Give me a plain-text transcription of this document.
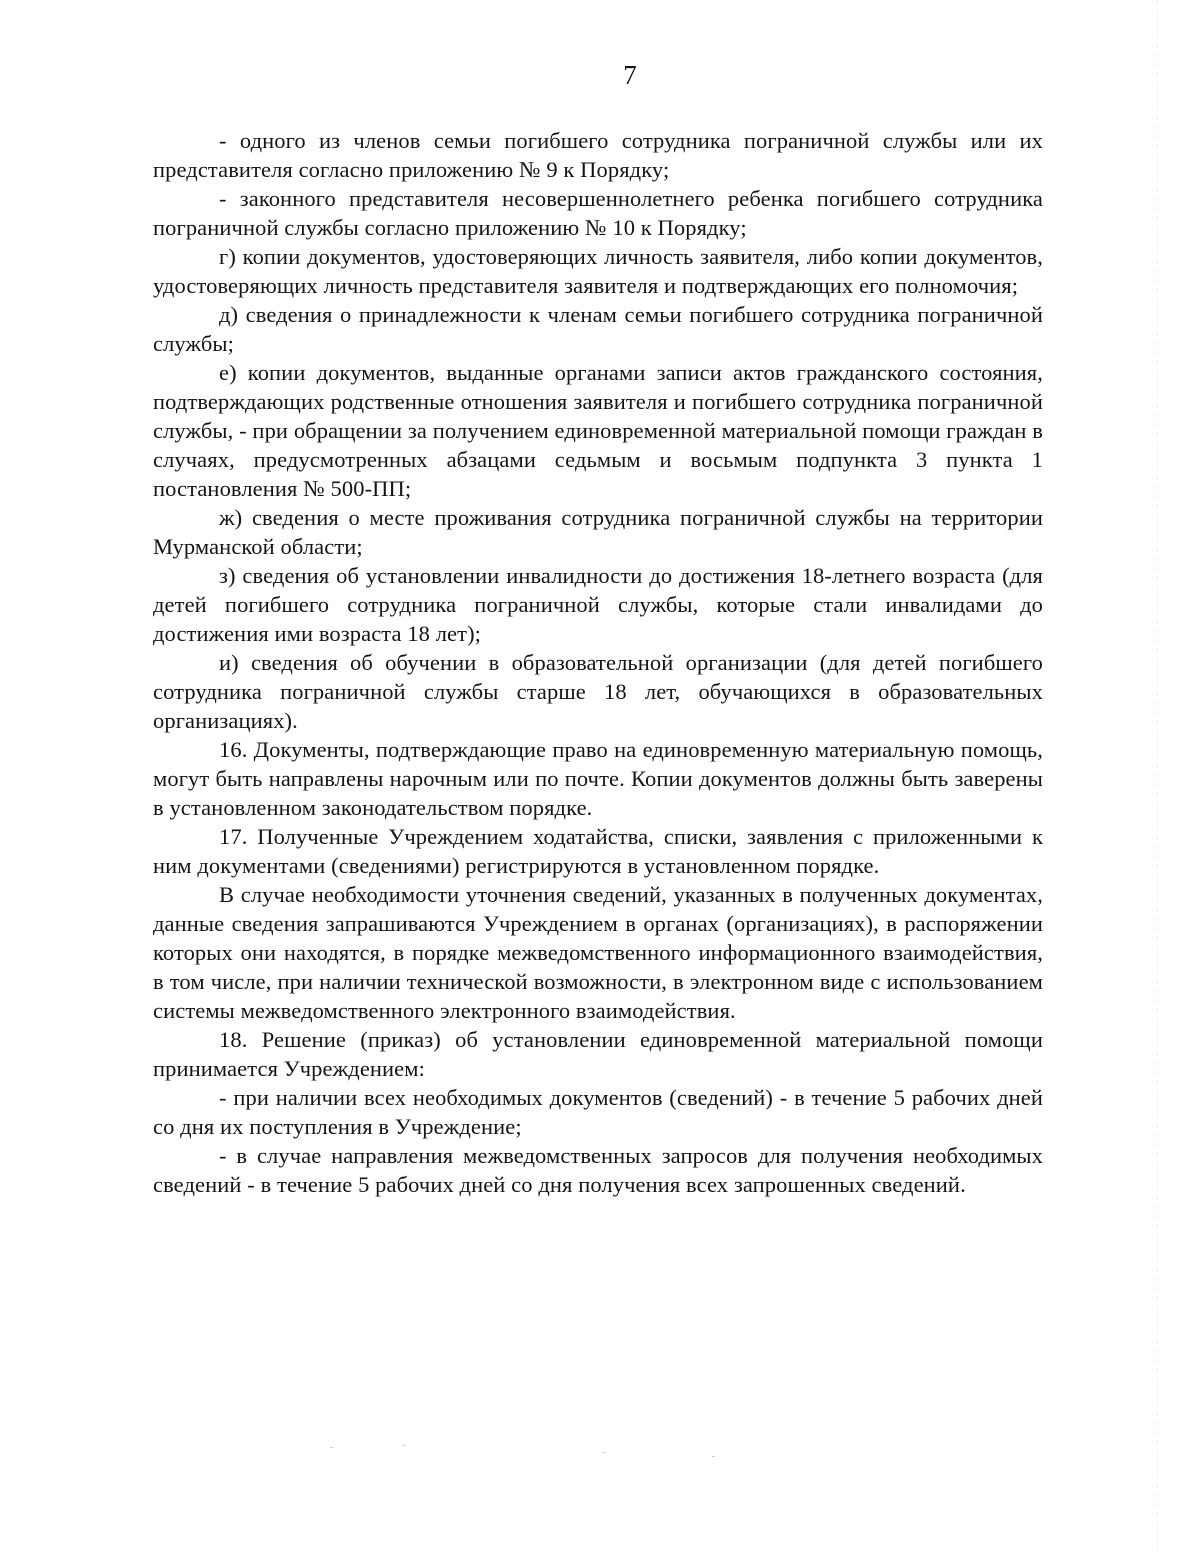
7

- одного из членов семьи погибшего сотрудника пограничной службы или их представителя согласно приложению № 9 к Порядку;

- законного представителя несовершеннолетнего ребенка погибшего сотрудника пограничной службы согласно приложению № 10 к Порядку;

г) копии документов, удостоверяющих личность заявителя, либо копии документов, удостоверяющих личность представителя заявителя и подтверждающих его полномочия;

д) сведения о принадлежности к членам семьи погибшего сотрудника пограничной службы;

е) копии документов, выданные органами записи актов гражданского состояния, подтверждающих родственные отношения заявителя и погибшего сотрудника пограничной службы, - при обращении за получением единовременной материальной помощи граждан в случаях, предусмотренных абзацами седьмым и восьмым подпункта 3 пункта 1 постановления № 500-ПП;

ж) сведения о месте проживания сотрудника пограничной службы на территории Мурманской области;

з) сведения об установлении инвалидности до достижения 18-летнего возраста (для детей погибшего сотрудника пограничной службы, которые стали инвалидами до достижения ими возраста 18 лет);

и) сведения об обучении в образовательной организации (для детей погибшего сотрудника пограничной службы старше 18 лет, обучающихся в образовательных организациях).

16. Документы, подтверждающие право на единовременную материальную помощь, могут быть направлены нарочным или по почте. Копии документов должны быть заверены в установленном законодательством порядке.

17. Полученные Учреждением ходатайства, списки, заявления с приложенными к ним документами (сведениями) регистрируются в установленном порядке.

В случае необходимости уточнения сведений, указанных в полученных документах, данные сведения запрашиваются Учреждением в органах (организациях), в распоряжении которых они находятся, в порядке межведомственного информационного взаимодействия, в том числе, при наличии технической возможности, в электронном виде с использованием системы межведомственного электронного взаимодействия.

18. Решение (приказ) об установлении единовременной материальной помощи принимается Учреждением:

- при наличии всех необходимых документов (сведений) - в течение 5 рабочих дней со дня их поступления в Учреждение;

- в случае направления межведомственных запросов для получения необходимых сведений - в течение 5 рабочих дней со дня получения всех запрошенных сведений.
